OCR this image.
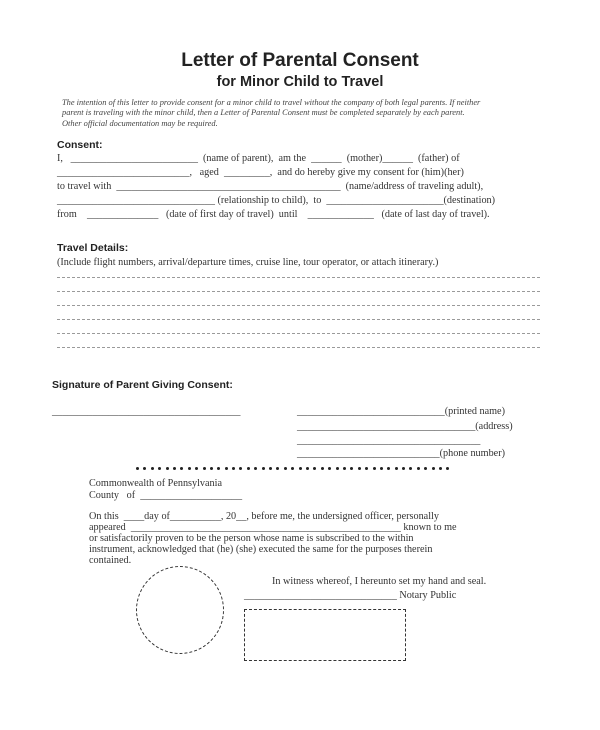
Letter of Parental Consent
for Minor Child to Travel
The intention of this letter to provide consent for a minor child to travel without the company of both legal parents. If neither
parent is traveling with the minor child, then a Letter of Parental Consent must be completed separately by each parent.
Other official documentation may be required.
Consent:
I,   _________________________  (name of parent),  am the  ______  (mother)______  (father) of
__________________________,   aged  _________,  and do hereby give my consent for (him)(her)
to travel with  ____________________________________________  (name/address of traveling adult),
_______________________________ (relationship to child),  to  _______________________(destination)
from    ______________   (date of first day of travel)  until    _____________   (date of last day of travel).
Travel Details:
(Include flight numbers, arrival/departure times, cruise line, tour operator, or attach itinerary.)
Signature of Parent Giving Consent:
_____________________________________	_____________________________(printed name)
___________________________________(address)
____________________________________
____________________________(phone number)
Commonwealth of Pennsylvania
County   of  ____________________
On this  ____day of__________, 20__, before me, the undersigned officer, personally
appeared  _____________________________________________________ known to me
or satisfactorily proven to be the person whose name is subscribed to the within
instrument, acknowledged that (he) (she) executed the same for the purposes therein
contained.
In witness whereof, I hereunto set my hand and seal.
______________________________ Notary Public
